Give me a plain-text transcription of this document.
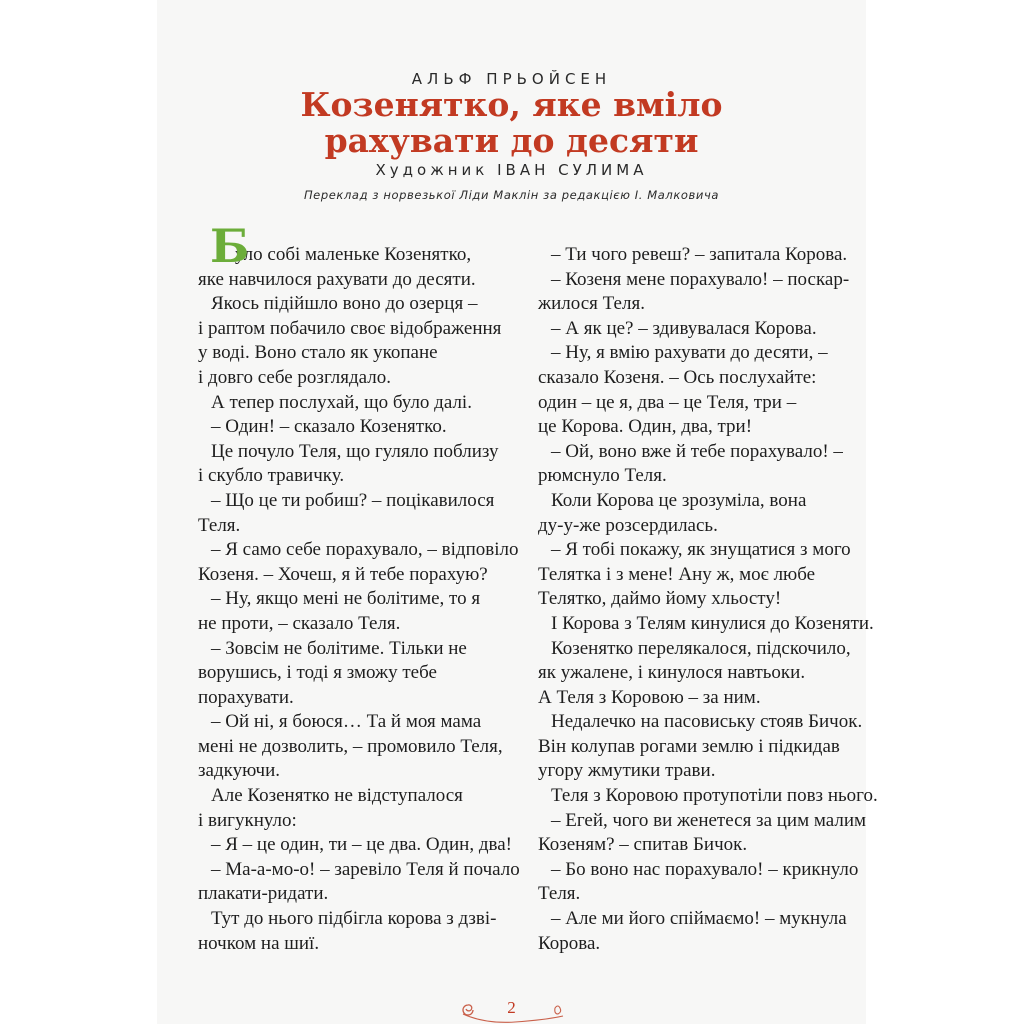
АЛЬФ ПРЬОЙСЕН
Козенятко, яке вміло
рахувати до десяти
Художник ІВАН СУЛИМА
Переклад з норвезької Ліди Маклін за редакцією І. Малковича
Б
уло собі маленьке Козенятко,
яке навчилося рахувати до десяти.
Якось підійшло воно до озерця –
і раптом побачило своє відображення
у воді. Воно стало як укопане
і довго себе розглядало.
А тепер послухай, що було далі.
– Один! – сказало Козенятко.
Це почуло Теля, що гуляло поблизу
і скубло травичку.
– Що це ти робиш? – поцікавилося
Теля.
– Я само себе порахувало, – відповіло
Козеня. – Хочеш, я й тебе порахую?
– Ну, якщо мені не болітиме, то я
не проти, – сказало Теля.
– Зовсім не болітиме. Тільки не
ворушись, і тоді я зможу тебе
порахувати.
– Ой ні, я боюся… Та й моя мама
мені не дозволить, – промовило Теля,
задкуючи.
Але Козенятко не відступалося
і вигукнуло:
– Я – це один, ти – це два. Один, два!
– Ма-а-мо-о! – заревіло Теля й почало
плакати-ридати.
Тут до нього підбігла корова з дзві-
ночком на шиї.
– Ти чого ревеш? – запитала Корова.
– Козеня мене порахувало! – поскар-
жилося Теля.
– А як це? – здивувалася Корова.
– Ну, я вмію рахувати до десяти, –
сказало Козеня. – Ось послухайте:
один – це я, два – це Теля, три –
це Корова. Один, два, три!
– Ой, воно вже й тебе порахувало! –
рюмснуло Теля.
Коли Корова це зрозуміла, вона
ду-у-же розсердилась.
– Я тобі покажу, як знущатися з мого
Телятка і з мене! Ану ж, моє любе
Телятко, даймо йому хльосту!
І Корова з Телям кинулися до Козеняти.
Козенятко перелякалося, підскочило,
як ужалене, і кинулося навтьоки.
А Теля з Коровою – за ним.
Недалечко на пасовиську стояв Бичок.
Він колупав рогами землю і підкидав
угору жмутики трави.
Теля з Коровою протупотіли повз нього.
– Егей, чого ви женетеся за цим малим
Козеням? – спитав Бичок.
– Бо воно нас порахувало! – крикнуло
Теля.
– Але ми його спіймаємо! – мукнула
Корова.
2
